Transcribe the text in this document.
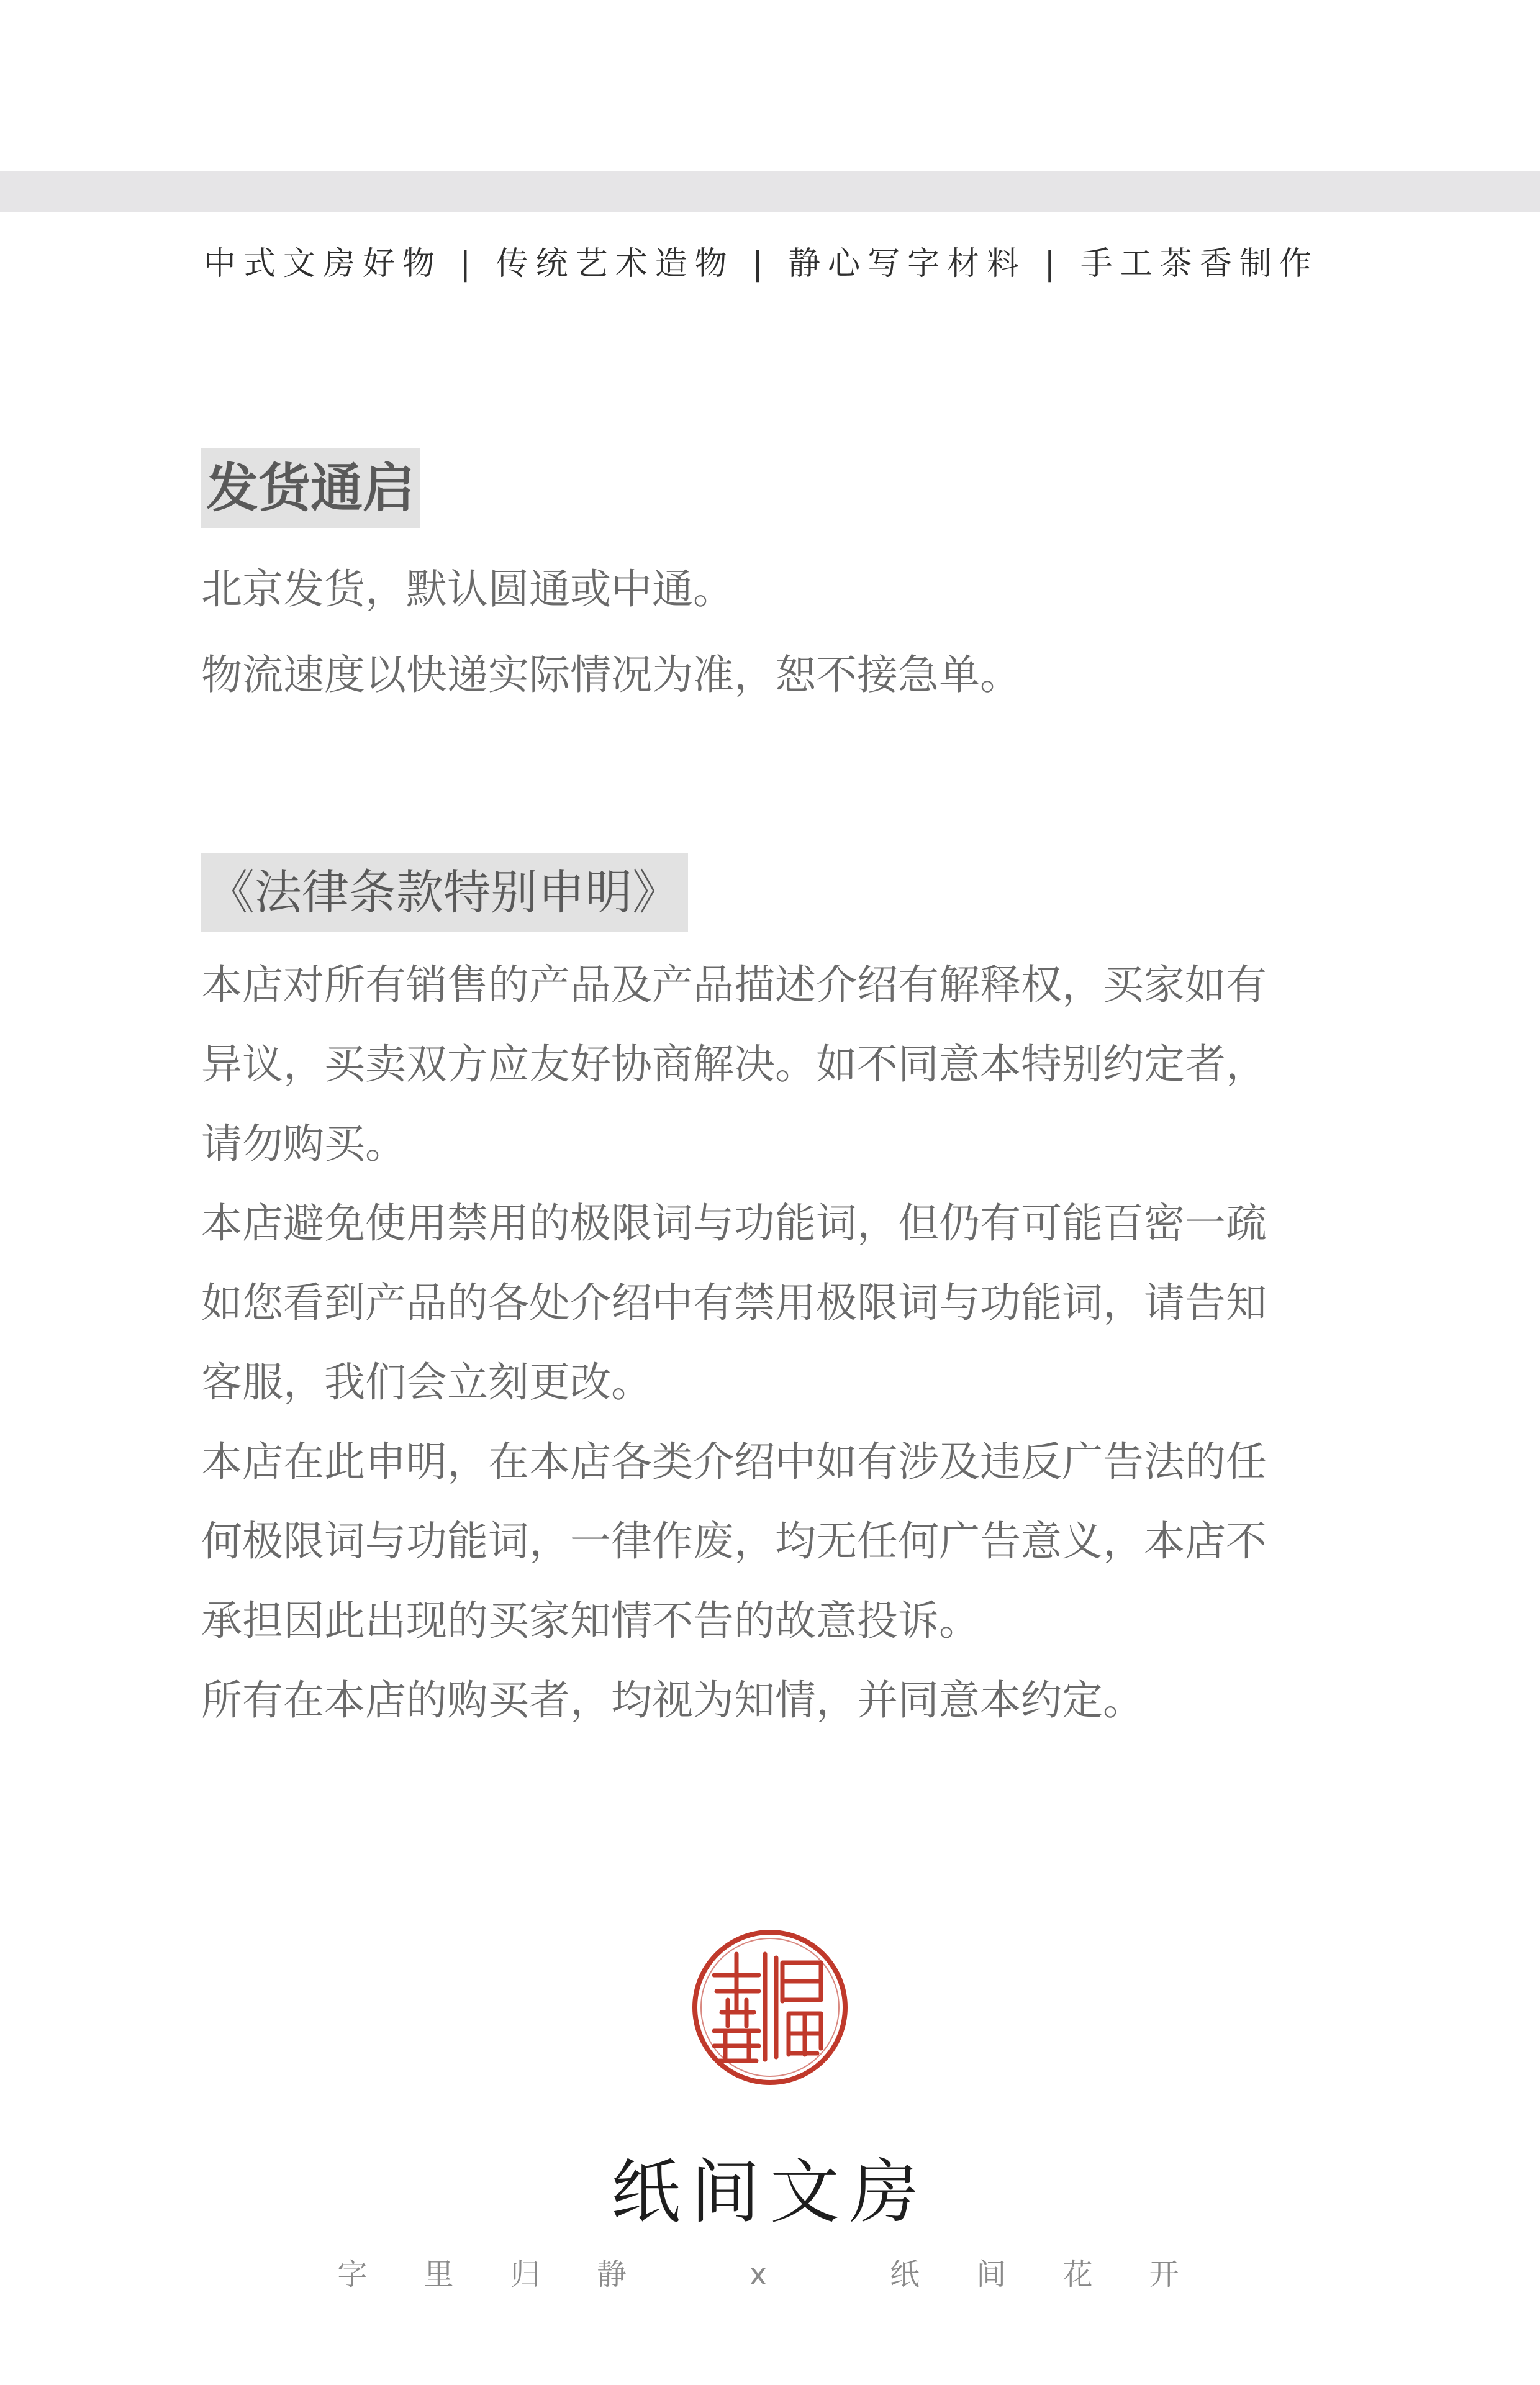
中式文房好物 | 传统艺术造物 | 静心写字材料 | 手工茶香制作
发货通启

北京发货，默认圆通或中通。

物流速度以快递实际情况为准，恕不接急单。

《法律条款特别申明》

本店对所有销售的产品及产品描述介绍有解释权，买家如有

异议，买卖双方应友好协商解决。如不同意本特别约定者，

请勿购买。

本店避免使用禁用的极限词与功能词，但仍有可能百密一疏

如您看到产品的各处介绍中有禁用极限词与功能词，请告知

客服，我们会立刻更改。

本店在此申明，在本店各类介绍中如有涉及违反广告法的任

何极限词与功能词，一律作废，均无任何广告意义，本店不

承担因此出现的买家知情不告的故意投诉。

所有在本店的购买者，均视为知情，并同意本约定。

纸间文房
字 里 归 静   x   纸 间 花 开
